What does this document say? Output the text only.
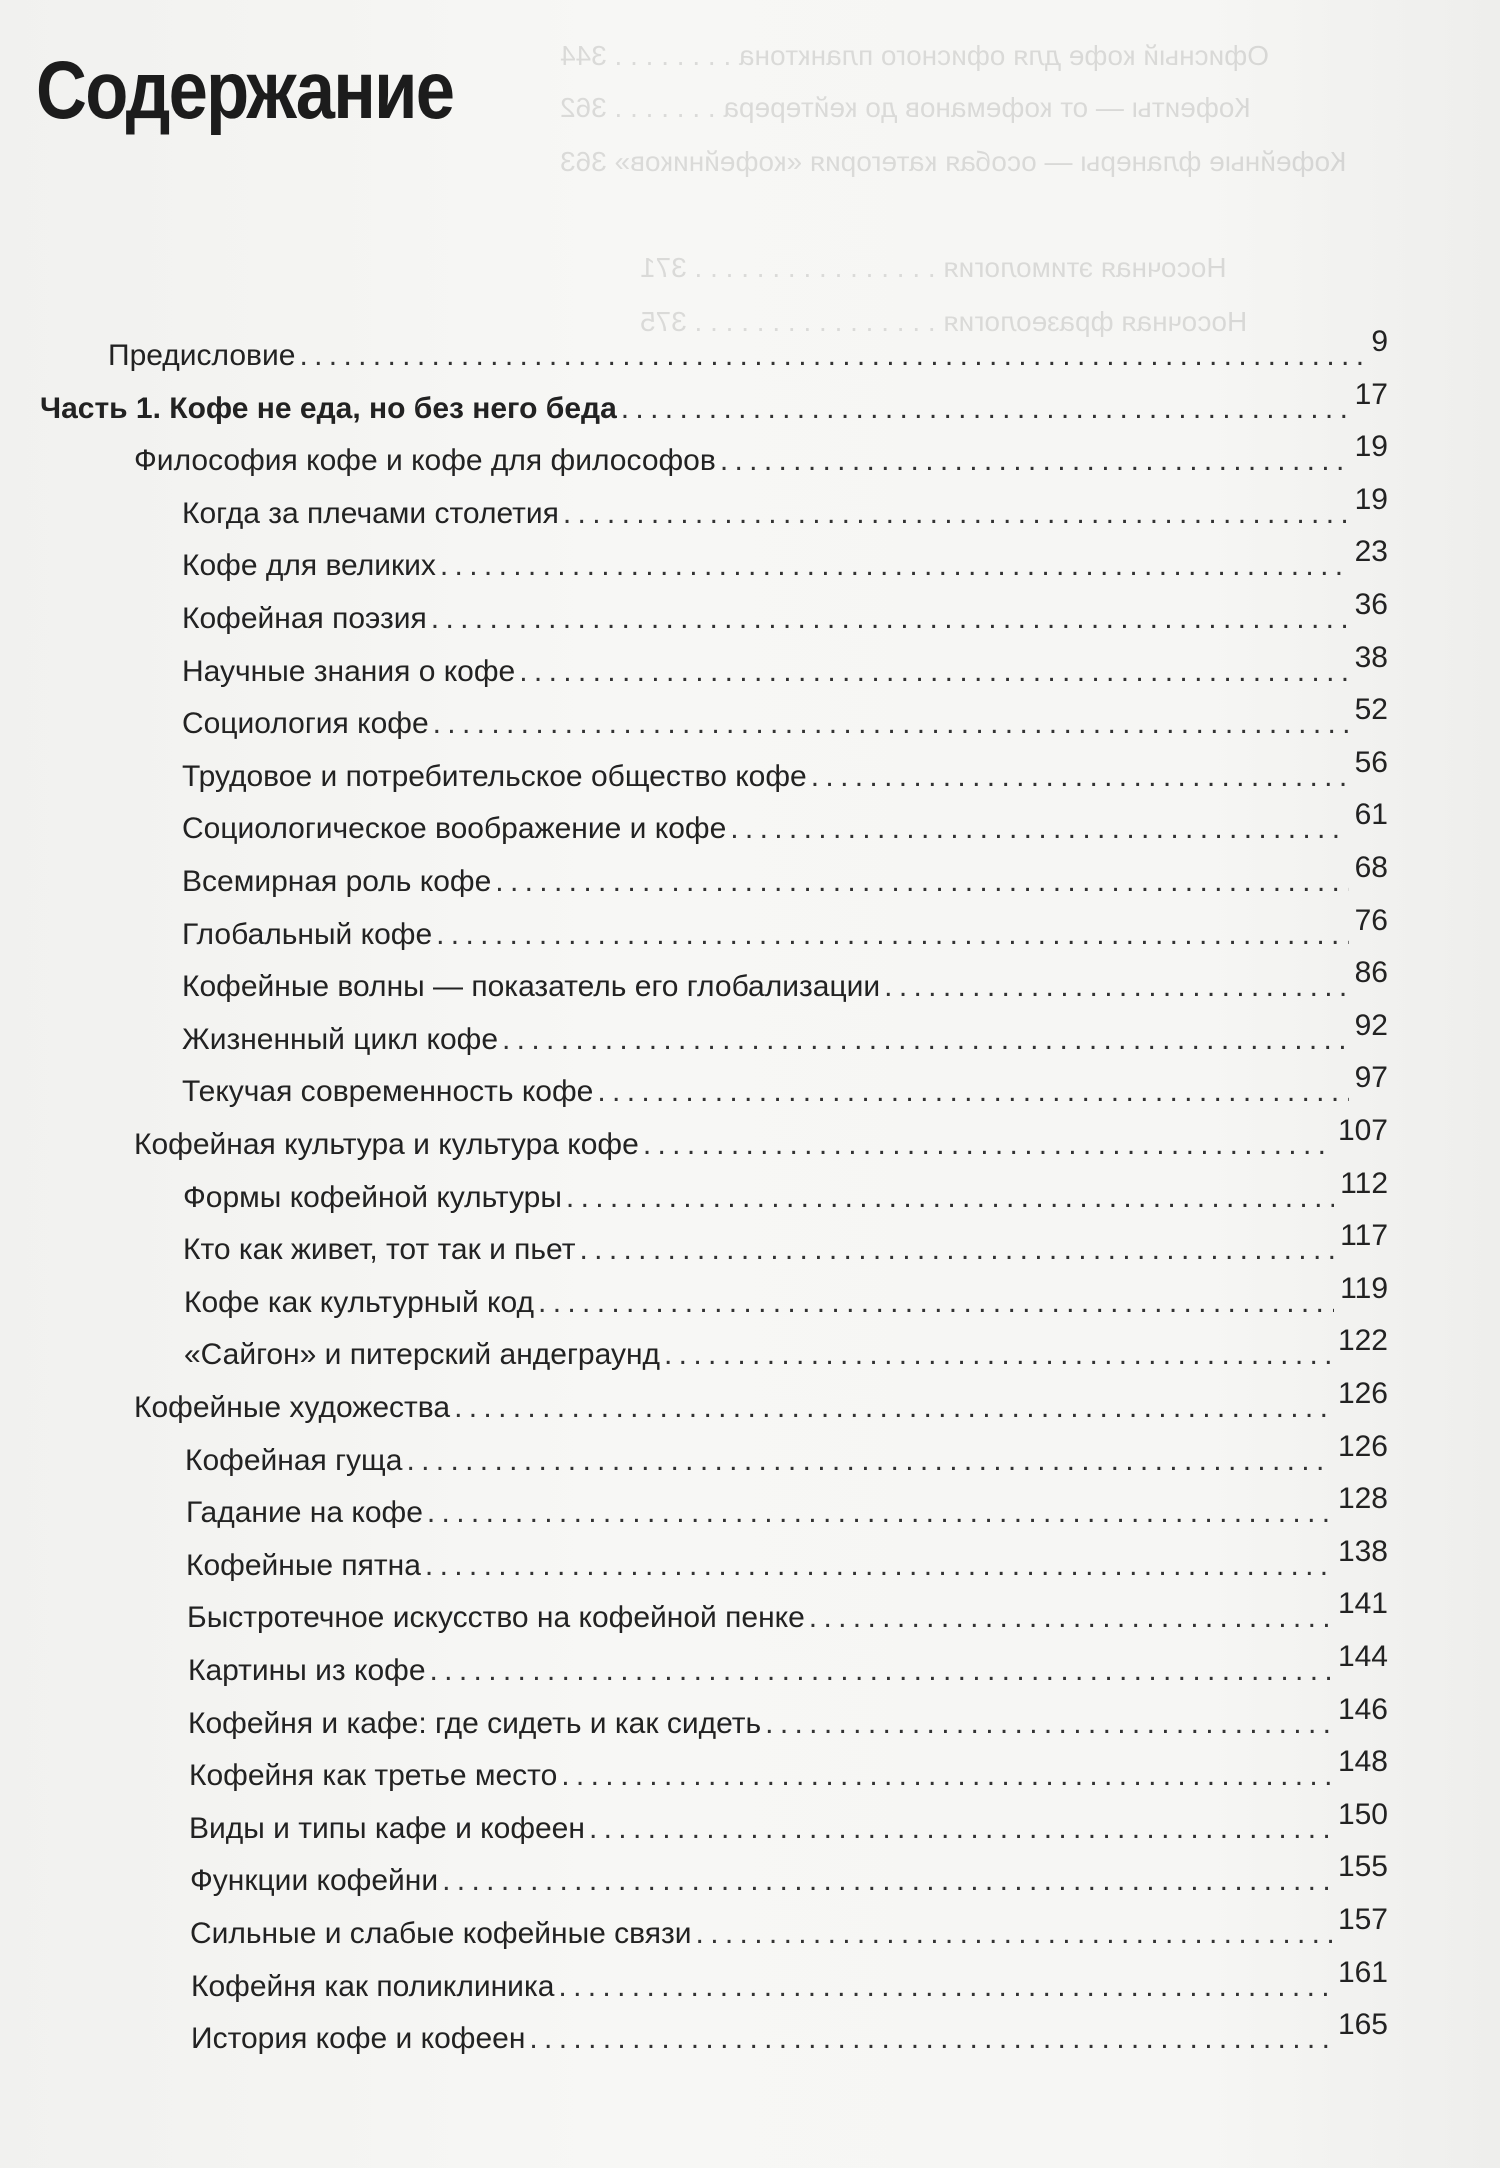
Офисный кофе для офисного планктона . . . . . . . . 344
Кофеиты — от кофеманов до кейтерера . . . . . . . 362
Кофейные фланеры — особая категория «кофейников» 363
Носочная этимология . . . . . . . . . . . . . . . . 371
Носочная фразеология . . . . . . . . . . . . . . . . 375
Содержание
Предисловие . . .	9
Часть 1. Кофе не еда, но без него беда . . .	17
Философия кофе и кофе для философов . . .	19
Когда за плечами столетия . . .	19
Кофе для великих . . .	23
Кофейная поэзия . . .	36
Научные знания о кофе . . .	38
Социология кофе . . .	52
Трудовое и потребительское общество кофе . . .	56
Социологическое воображение и кофе . . .	61
Всемирная роль кофе . . .	68
Глобальный кофе . . .	76
Кофейные волны — показатель его глобализации . . .	86
Жизненный цикл кофе . . .	92
Текучая современность кофе . . .	97
Кофейная культура и культура кофе . . .	107
Формы кофейной культуры . . .	112
Кто как живет, тот так и пьет . . .	117
Кофе как культурный код . . .	119
«Сайгон» и питерский андеграунд . . .	122
Кофейные художества . . .	126
Кофейная гуща . . .	126
Гадание на кофе . . .	128
Кофейные пятна . . .	138
Быстротечное искусство на кофейной пенке . . .	141
Картины из кофе . . .	144
Кофейня и кафе: где сидеть и как сидеть . . .	146
Кофейня как третье место . . .	148
Виды и типы кафе и кофеен . . .	150
Функции кофейни . . .	155
Сильные и слабые кофейные связи . . .	157
Кофейня как поликлиника . . .	161
История кофе и кофеен . . .	165
